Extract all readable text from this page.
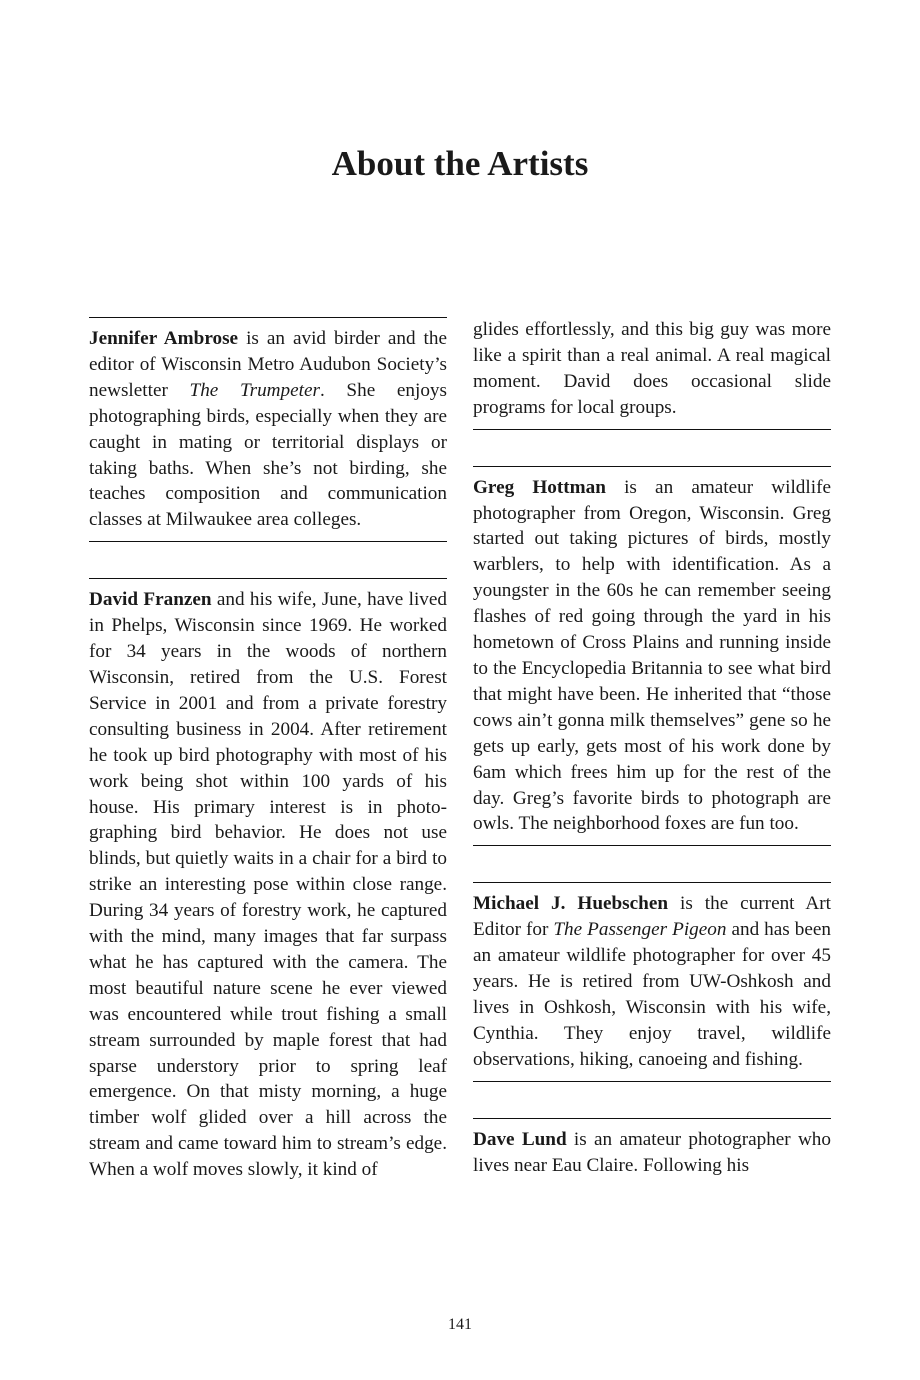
About the Artists

Jennifer Ambrose is an avid birder and the editor of Wisconsin Metro Audubon Society’s newsletter The Trumpeter. She enjoys photographing birds, especially when they are caught in mating or territorial displays or taking baths. When she’s not birding, she teaches composition and communication classes at Milwaukee area colleges.

David Franzen and his wife, June, have lived in Phelps, Wisconsin since 1969. He worked for 34 years in the woods of northern Wisconsin, retired from the U.S. Forest Service in 2001 and from a private forestry consulting business in 2004. After retirement he took up bird photography with most of his work being shot within 100 yards of his house. His primary interest is in photographing bird behavior. He does not use blinds, but quietly waits in a chair for a bird to strike an interesting pose within close range. During 34 years of forestry work, he captured with the mind, many images that far surpass what he has captured with the camera. The most beautiful nature scene he ever viewed was encountered while trout fishing a small stream surrounded by maple forest that had sparse understory prior to spring leaf emergence. On that misty morning, a huge timber wolf glided over a hill across the stream and came toward him to stream’s edge. When a wolf moves slowly, it kind of

glides effortlessly, and this big guy was more like a spirit than a real animal. A real magical moment. David does occasional slide programs for local groups.

Greg Hottman is an amateur wildlife photographer from Oregon, Wisconsin. Greg started out taking pictures of birds, mostly warblers, to help with identification. As a youngster in the 60s he can remember seeing flashes of red going through the yard in his hometown of Cross Plains and running inside to the Encyclopedia Britannia to see what bird that might have been. He inherited that “those cows ain’t gonna milk themselves” gene so he gets up early, gets most of his work done by 6am which frees him up for the rest of the day. Greg’s favorite birds to photograph are owls. The neighborhood foxes are fun too.

Michael J. Huebschen is the current Art Editor for The Passenger Pigeon and has been an amateur wildlife photographer for over 45 years. He is retired from UW-Oshkosh and lives in Oshkosh, Wisconsin with his wife, Cynthia. They enjoy travel, wildlife observations, hiking, canoeing and fishing.

Dave Lund is an amateur photographer who lives near Eau Claire. Following his

141
